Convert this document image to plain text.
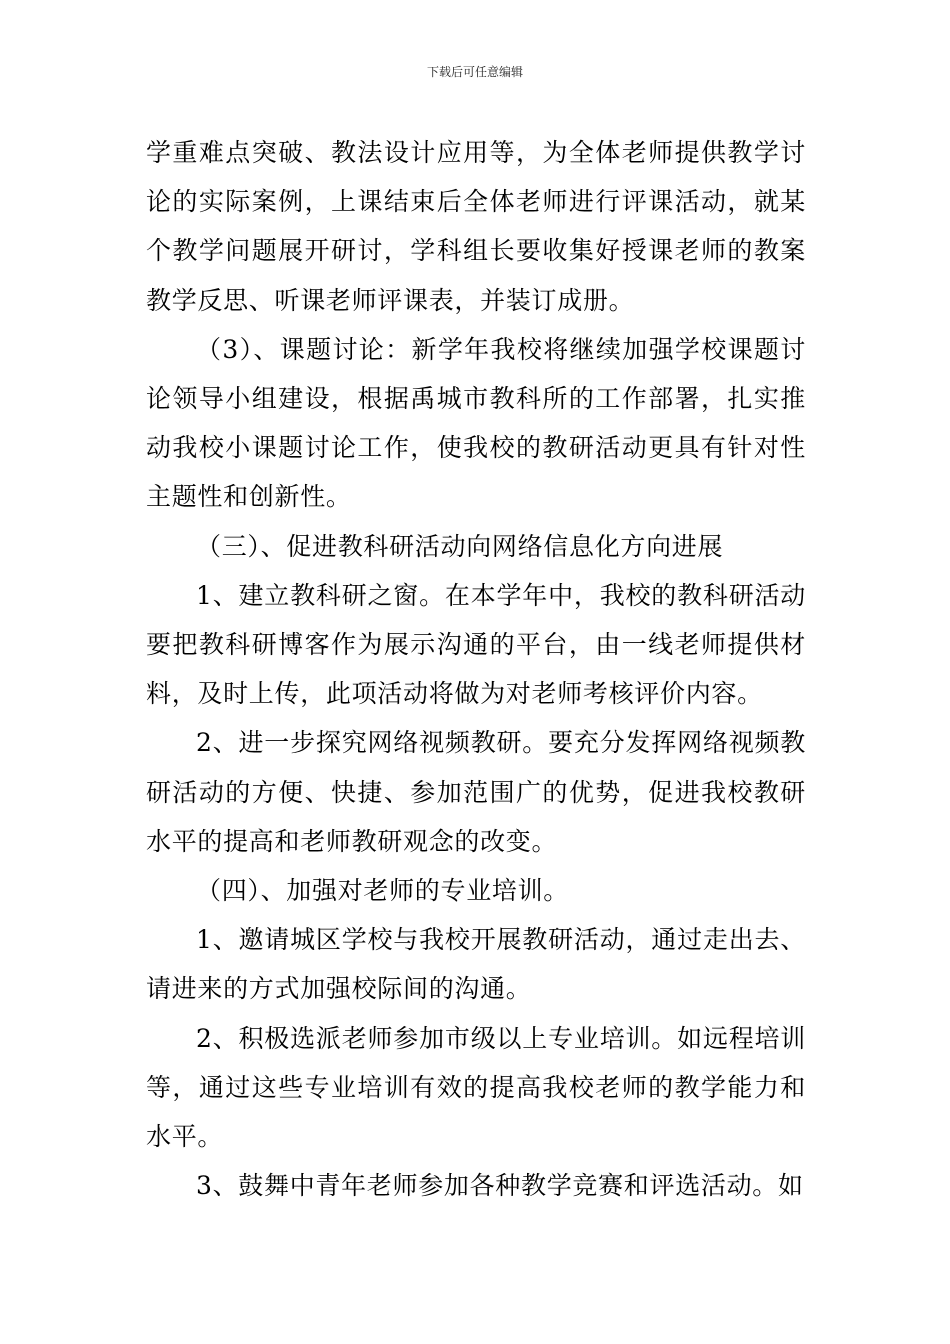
下载后可任意编辑

学重难点突破、教法设计应用等，为全体老师提供教学讨论的实际案例，上课结束后全体老师进行评课活动，就某个教学问题展开研讨，学科组长要收集好授课老师的教案教学反思、听课老师评课表，并装订成册。

（3）、课题讨论：新学年我校将继续加强学校课题讨论领导小组建设，根据禹城市教科所的工作部署，扎实推动我校小课题讨论工作，使我校的教研活动更具有针对性主题性和创新性。

（三）、促进教科研活动向网络信息化方向进展

1、建立教科研之窗。在本学年中，我校的教科研活动要把教科研博客作为展示沟通的平台，由一线老师提供材料，及时上传，此项活动将做为对老师考核评价内容。

2、进一步探究网络视频教研。要充分发挥网络视频教研活动的方便、快捷、参加范围广的优势，促进我校教研水平的提高和老师教研观念的改变。

（四）、加强对老师的专业培训。

1、邀请城区学校与我校开展教研活动，通过走出去、请进来的方式加强校际间的沟通。

2、积极选派老师参加市级以上专业培训。如远程培训等，通过这些专业培训有效的提高我校老师的教学能力和水平。

3、鼓舞中青年老师参加各种教学竞赛和评选活动。如
